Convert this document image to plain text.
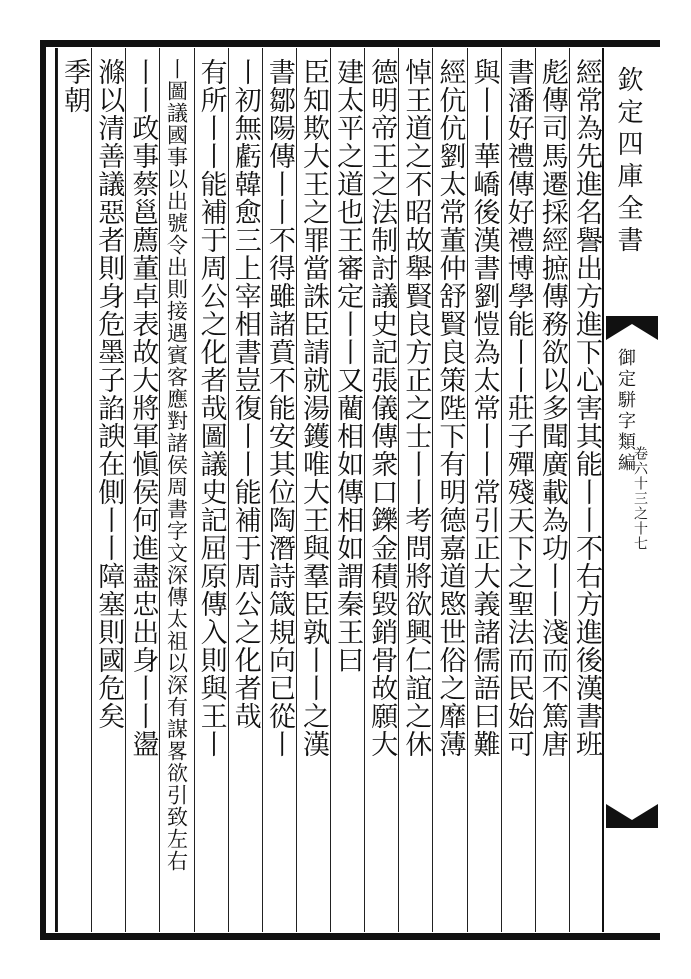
欽定四庫全書
御定駢字類編
卷六十三之十七
經常為先進名譽出方進下心害其能丨丨不右方進後漢書班
彪傳司馬遷採經摭傳務欲以多聞廣載為功丨丨淺而不篤唐
書潘好禮傳好禮博學能丨丨莊子殫殘天下之聖法而民始可
與丨丨華嶠後漢書劉愷為太常丨丨常引正大義諸儒語曰難
經伉伉劉太常董仲舒賢良策陛下有明德嘉道愍世俗之靡薄
悼王道之不昭故舉賢良方正之士丨丨考問將欲興仁誼之休
德明帝王之法制討議史記張儀傳衆口鑠金積毀銷骨故願大
建太平之道也王審定丨丨又藺相如傳相如謂秦王曰
臣知欺大王之罪當誅臣請就湯鑊唯大王與羣臣孰丨丨之漢
書鄒陽傳丨丨不得雖諸賁不能安其位陶潛詩箴規向已從丨
丨初無虧韓愈三上宰相書豈復丨丨能補于周公之化者哉
有所丨丨能補于周公之化者哉圖議史記屈原傳入則與王丨
丨圖議國事以出號令出則接遇賓客應對諸侯周書字文深傳太祖以深有謀畧欲引致左右
丨丨政事蔡邕薦董卓表故大將軍愼侯何進盡忠出身丨丨盪
滌以清善議惡者則身危墨子諂諛在側丨丨障塞則國危矣
季朝
